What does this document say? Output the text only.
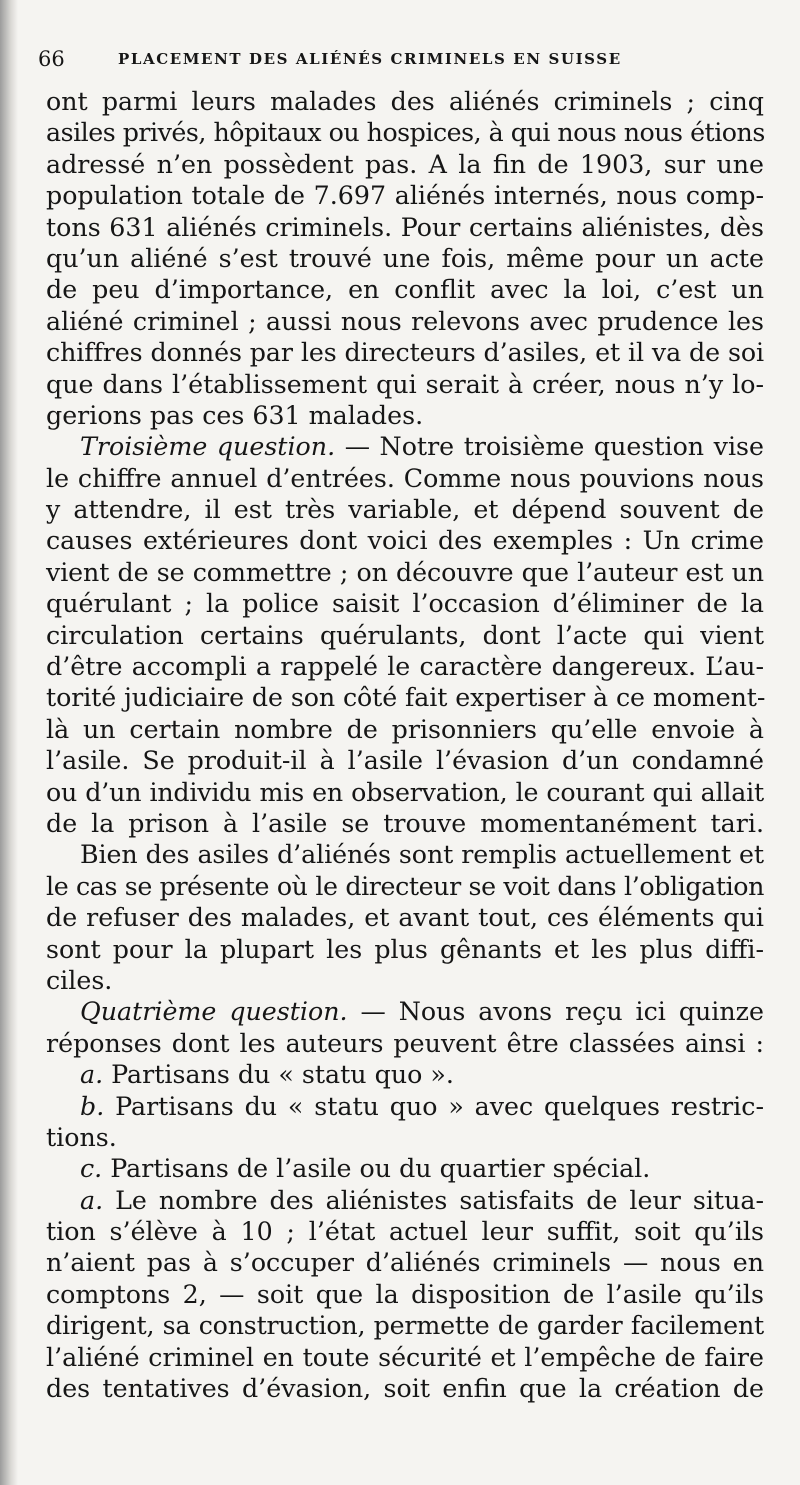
66	PLACEMENT DES ALIÉNÉS CRIMINELS EN SUISSE
ont parmi leurs malades des aliénés criminels ; cinq
asiles privés, hôpitaux ou hospices, à qui nous nous étions
adressé n’en possèdent pas. A la fin de 1903, sur une
population totale de 7.697 aliénés internés, nous comp-
tons 631 aliénés criminels. Pour certains aliénistes, dès
qu’un aliéné s’est trouvé une fois, même pour un acte
de peu d’importance, en conflit avec la loi, c’est un
aliéné criminel ; aussi nous relevons avec prudence les
chiffres donnés par les directeurs d’asiles, et il va de soi
que dans l’établissement qui serait à créer, nous n’y lo-
gerions pas ces 631 malades.
Troisième question. — Notre troisième question vise
le chiffre annuel d’entrées. Comme nous pouvions nous
y attendre, il est très variable, et dépend souvent de
causes extérieures dont voici des exemples : Un crime
vient de se commettre ; on découvre que l’auteur est un
quérulant ; la police saisit l’occasion d’éliminer de la
circulation certains quérulants, dont l’acte qui vient
d’être accompli a rappelé le caractère dangereux. L’au-
torité judiciaire de son côté fait expertiser à ce moment-
là un certain nombre de prisonniers qu’elle envoie à
l’asile. Se produit-il à l’asile l’évasion d’un condamné
ou d’un individu mis en observation, le courant qui allait
de la prison à l’asile se trouve momentanément tari.
Bien des asiles d’aliénés sont remplis actuellement et
le cas se présente où le directeur se voit dans l’obligation
de refuser des malades, et avant tout, ces éléments qui
sont pour la plupart les plus gênants et les plus diffi-
ciles.
Quatrième question. — Nous avons reçu ici quinze
réponses dont les auteurs peuvent être classées ainsi :
a. Partisans du « statu quo ».
b. Partisans du « statu quo » avec quelques restric-
tions.
c. Partisans de l’asile ou du quartier spécial.
a. Le nombre des aliénistes satisfaits de leur situa-
tion s’élève à 10 ; l’état actuel leur suffit, soit qu’ils
n’aient pas à s’occuper d’aliénés criminels — nous en
comptons 2, — soit que la disposition de l’asile qu’ils
dirigent, sa construction, permette de garder facilement
l’aliéné criminel en toute sécurité et l’empêche de faire
des tentatives d’évasion, soit enfin que la création de
